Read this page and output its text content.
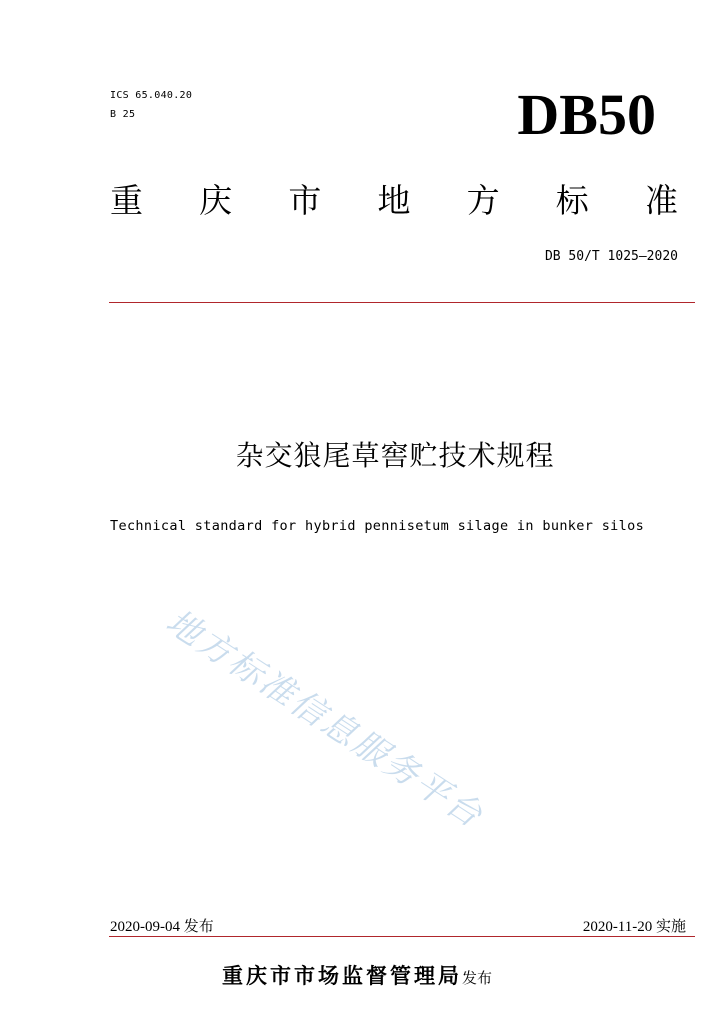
ICS 65.040.20
B 25	DB50
重 庆 市 地 方 标 准
DB 50/T 1025—2020
杂交狼尾草窖贮技术规程
Technical standard for hybrid pennisetum silage in bunker silos
地方标准信息服务平台
2020-09-04 发布	2020-11-20 实施
重庆市市场监督管理局发布
